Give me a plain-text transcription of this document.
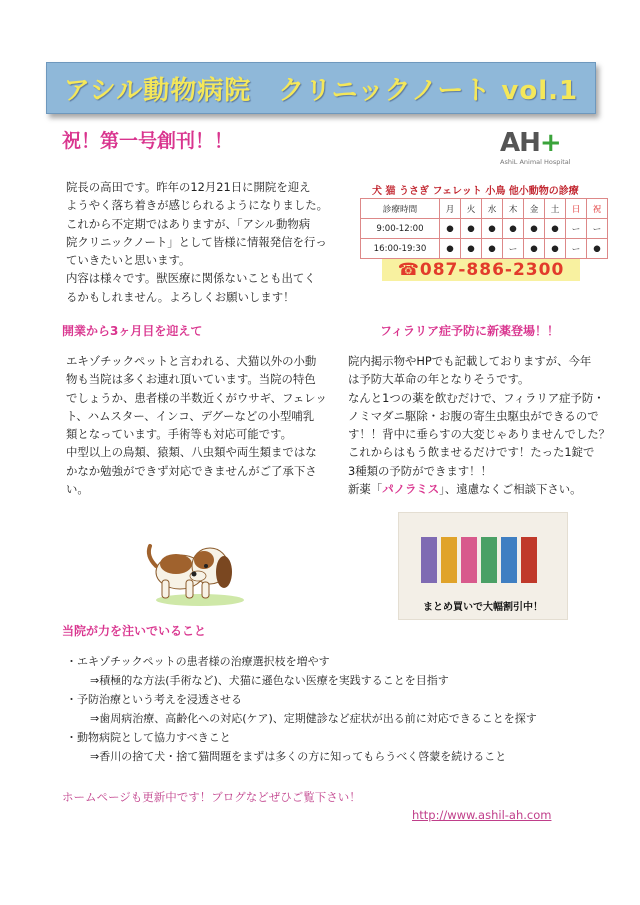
アシル動物病院　クリニックノート vol.1
祝！第一号創刊！！
院長の高田です。昨年の12月21日に開院を迎え
ようやく落ち着きが感じられるようになりました。
これから不定期ではありますが、「アシル動物病
院クリニックノート」として皆様に情報発信を行っ
ていきたいと思います。
内容は様々です。獣医療に関係ないことも出てく
るかもしれません。よろしくお願いします！
AH+
AshiL Animal Hospital
犬 猫 うさぎ フェレット 小鳥 他小動物の診療
診療時間	月	火	水	木	金	土	日	祝
9:00-12:00	●	●	●	●	●	●	ー	ー
16:00-19:30	●	●	●	ー	●	●	ー	●
☎087-886-2300
開業から3ヶ月目を迎えて
エキゾチックペットと言われる、犬猫以外の小動
物も当院は多くお連れ頂いています。当院の特色
でしょうか、患者様の半数近くがウサギ、フェレッ
ト、ハムスター、インコ、デグーなどの小型哺乳
類となっています。手術等も対応可能です。
中型以上の鳥類、猿類、八虫類や両生類まではな
かなか勉強ができず対応できませんがご了承下さ
い。
フィラリア症予防に新薬登場！！
院内掲示物やHPでも記載しておりますが、今年
は予防大革命の年となりそうです。
なんと1つの薬を飲むだけで、フィラリア症予防・
ノミマダニ駆除・お腹の寄生虫駆虫ができるので
す！！背中に垂らすの大変じゃありませんでした？
これからはもう飲ませるだけです！たった1錠で
3種類の予防ができます！！
新薬「パノラミス」、遠慮なくご相談下さい。
まとめ買いで大幅割引中！
当院が力を注いでいること
・エキゾチックペットの患者様の治療選択枝を増やす
⇒積極的な方法(手術など)、犬猫に遜色ない医療を実践することを目指す
・予防治療という考えを浸透させる
⇒歯周病治療、高齢化への対応(ケア)、定期健診など症状が出る前に対応できることを探す
・動物病院として協力すべきこと
⇒香川の捨て犬・捨て猫問題をまずは多くの方に知ってもらうべく啓蒙を続けること
ホームページも更新中です！ブログなどぜひご覧下さい！
http://www.ashil-ah.com
